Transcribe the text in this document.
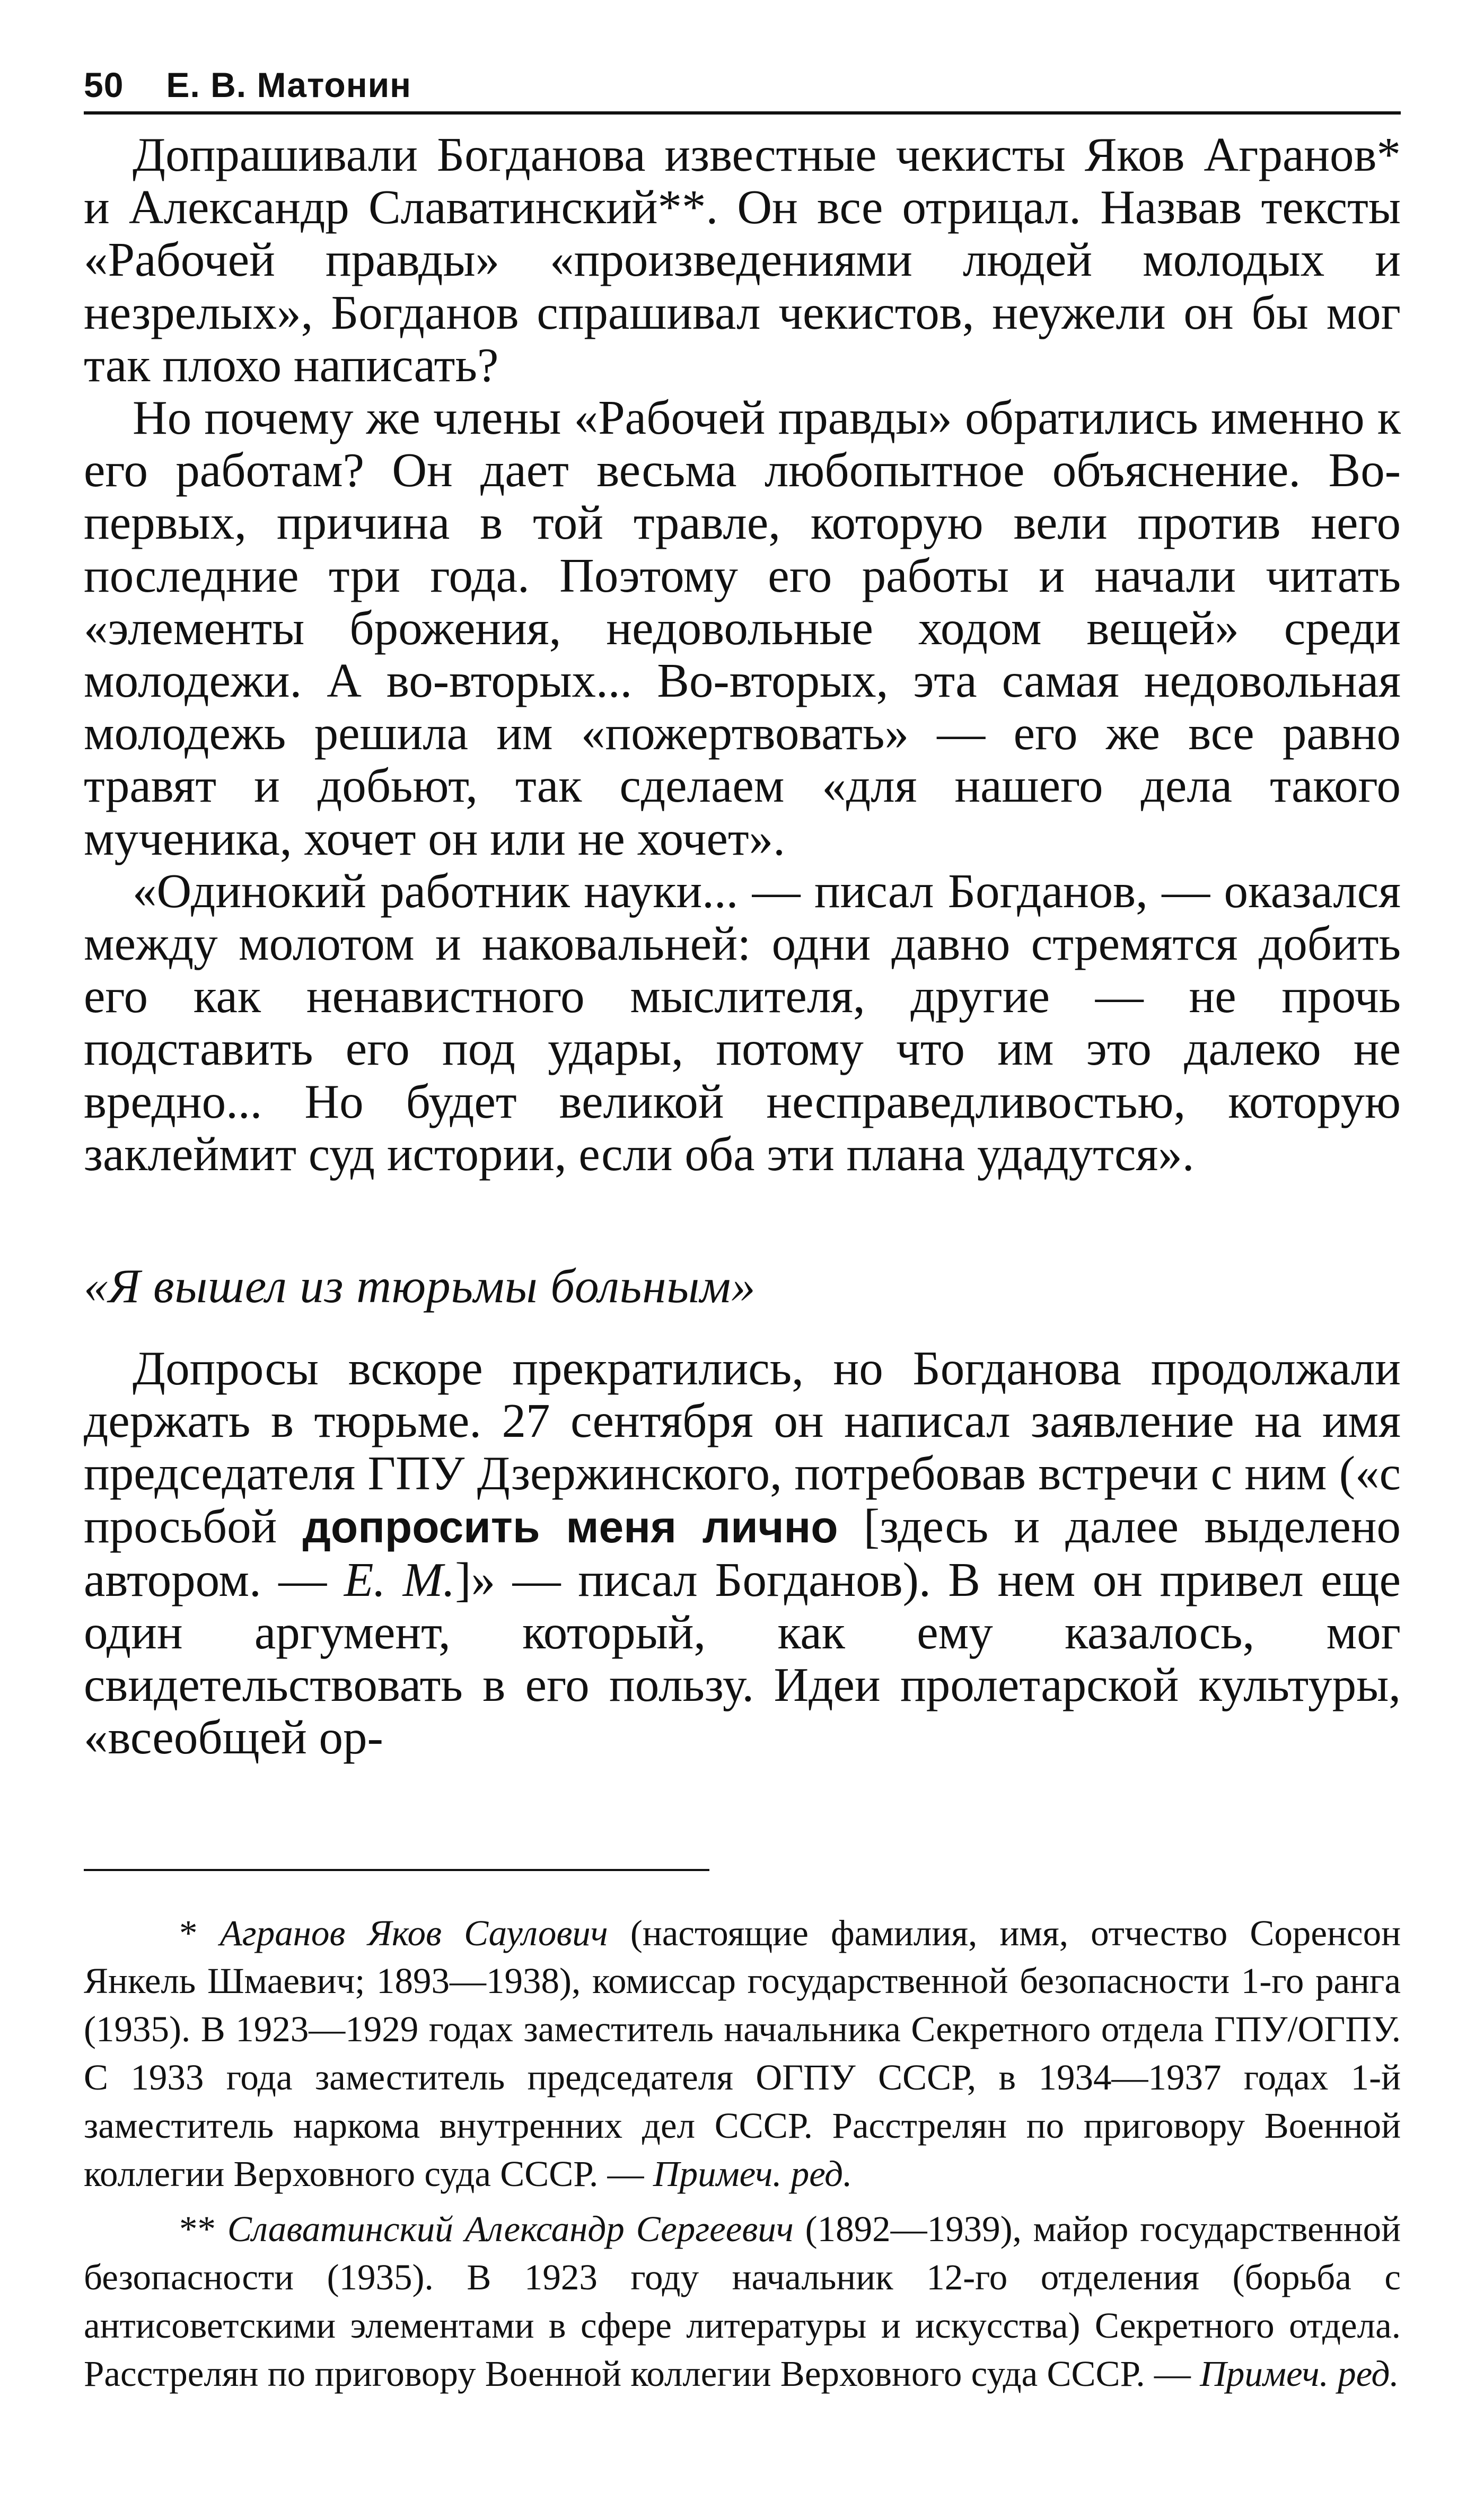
50 Е. В. Матонин

Допрашивали Богданова известные чекисты Яков Агранов* и Александр Славатинский**. Он все отрицал. Назвав тексты «Рабочей правды» «произведениями людей молодых и незрелых», Богданов спрашивал чекистов, неужели он бы мог так плохо написать?

Но почему же члены «Рабочей правды» обратились именно к его работам? Он дает весьма любопытное объяснение. Во-первых, причина в той травле, которую вели против него последние три года. Поэтому его работы и начали читать «элементы брожения, недовольные ходом вещей» среди молодежи. А во-вторых... Во-вторых, эта самая недовольная молодежь решила им «пожертвовать» — его же все равно травят и добьют, так сделаем «для нашего дела такого мученика, хочет он или не хочет».

«Одинокий работник науки... — писал Богданов, — оказался между молотом и наковальней: одни давно стремятся добить его как ненавистного мыслителя, другие — не прочь подставить его под удары, потому что им это далеко не вредно... Но будет великой несправедливостью, которую заклеймит суд истории, если оба эти плана удадутся».

«Я вышел из тюрьмы больным»

Допросы вскоре прекратились, но Богданова продолжали держать в тюрьме. 27 сентября он написал заявление на имя председателя ГПУ Дзержинского, потребовав встречи с ним («с просьбой допросить меня лично [здесь и далее выделено автором. — Е. М.]» — писал Богданов). В нем он привел еще один аргумент, который, как ему казалось, мог свидетельствовать в его пользу. Идеи пролетарской культуры, «всеобщей ор-

* Агранов Яков Саулович (настоящие фамилия, имя, отчество Соренсон Янкель Шмаевич; 1893—1938), комиссар государственной безопасности 1-го ранга (1935). В 1923—1929 годах заместитель начальника Секретного отдела ГПУ/ОГПУ. С 1933 года заместитель председателя ОГПУ СССР, в 1934—1937 годах 1-й заместитель наркома внутренних дел СССР. Расстрелян по приговору Военной коллегии Верховного суда СССР. — Примеч. ред.

** Славатинский Александр Сергеевич (1892—1939), майор государственной безопасности (1935). В 1923 году начальник 12-го отделения (борьба с антисоветскими элементами в сфере литературы и искусства) Секретного отдела. Расстрелян по приговору Военной коллегии Верховного суда СССР. — Примеч. ред.
